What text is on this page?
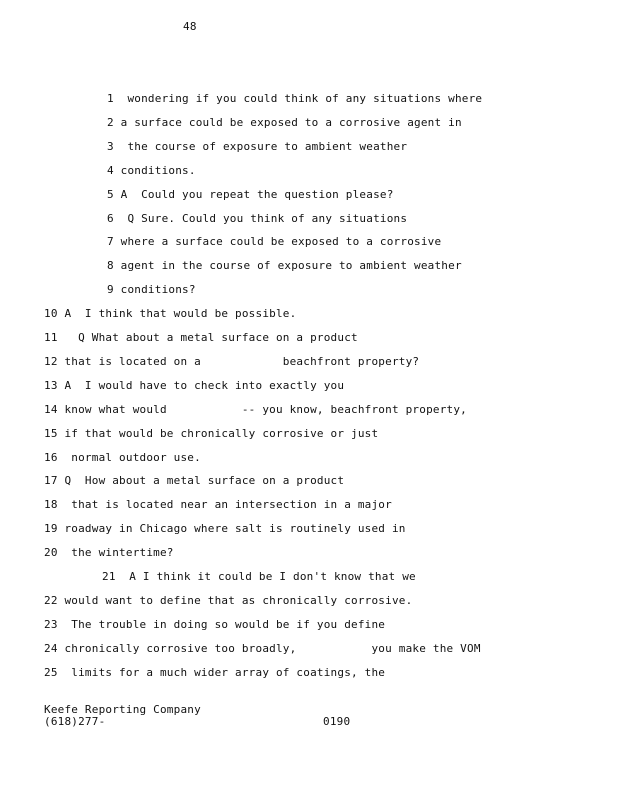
48
1  wondering if you could think of any situations where
2 a surface could be exposed to a corrosive agent in
3  the course of exposure to ambient weather
4 conditions.
5 A  Could you repeat the question please?
6  Q Sure. Could you think of any situations
7 where a surface could be exposed to a corrosive
8 agent in the course of exposure to ambient weather
9 conditions?
10 A  I think that would be possible.
11   Q What about a metal surface on a product
12 that is located on a            beachfront property?
13 A  I would have to check into exactly you
14 know what would           -- you know, beachfront property,
15 if that would be chronically corrosive or just
16  normal outdoor use.
17 Q  How about a metal surface on a product
18  that is located near an intersection in a major
19 roadway in Chicago where salt is routinely used in
20  the wintertime?
21  A I think it could be I don't know that we
22 would want to define that as chronically corrosive.
23  The trouble in doing so would be if you define
24 chronically corrosive too broadly,           you make the VOM
25  limits for a much wider array of coatings, the
Keefe Reporting Company
(618)277-	0190
